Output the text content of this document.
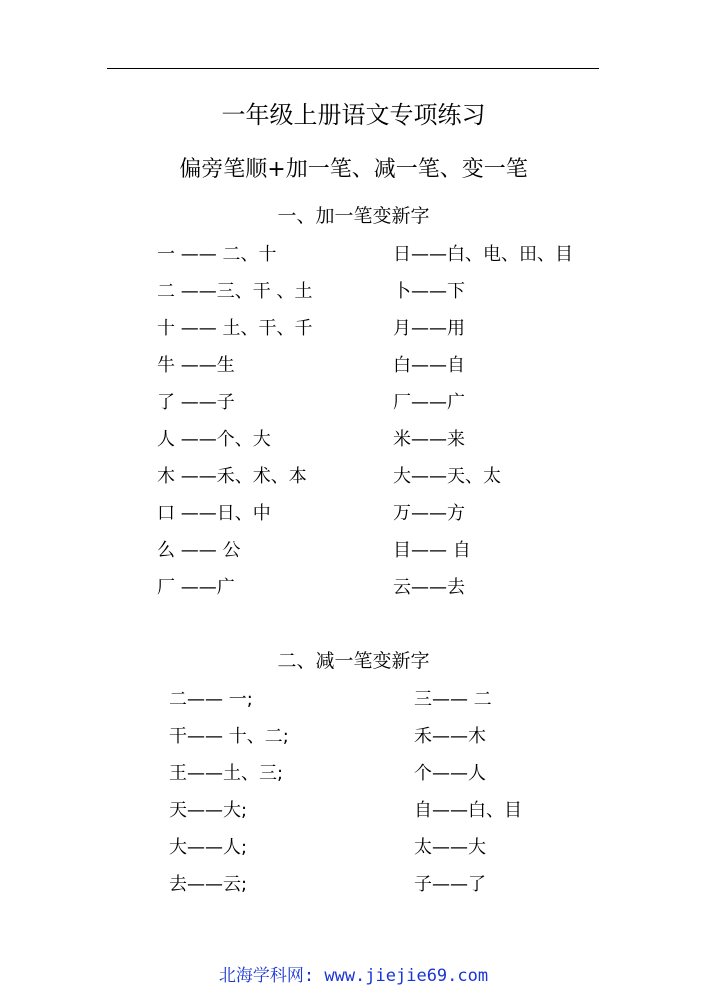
一年级上册语文专项练习
偏旁笔顺+加一笔、减一笔、变一笔
一、加一笔变新字
一 —— 二、十
二 ——三、干 、土
十 —— 土、干、千
牛 ——生
了 ——子
人 ——个、大
木 ——禾、术、本
口 ——日、中
么 —— 公
厂 ——广
日——白、电、田、目
卜——下
月——用
白——自
厂——广
米——来
大——天、太
万——方
目—— 自
云——去
二、减一笔变新字
二—— 一;
干—— 十、二;
王——土、三;
天——大;
大——人;
去——云;
三—— 二
禾——木
个——人
自——白、目
太——大
子——了
北海学科网: www.jiejie69.com
